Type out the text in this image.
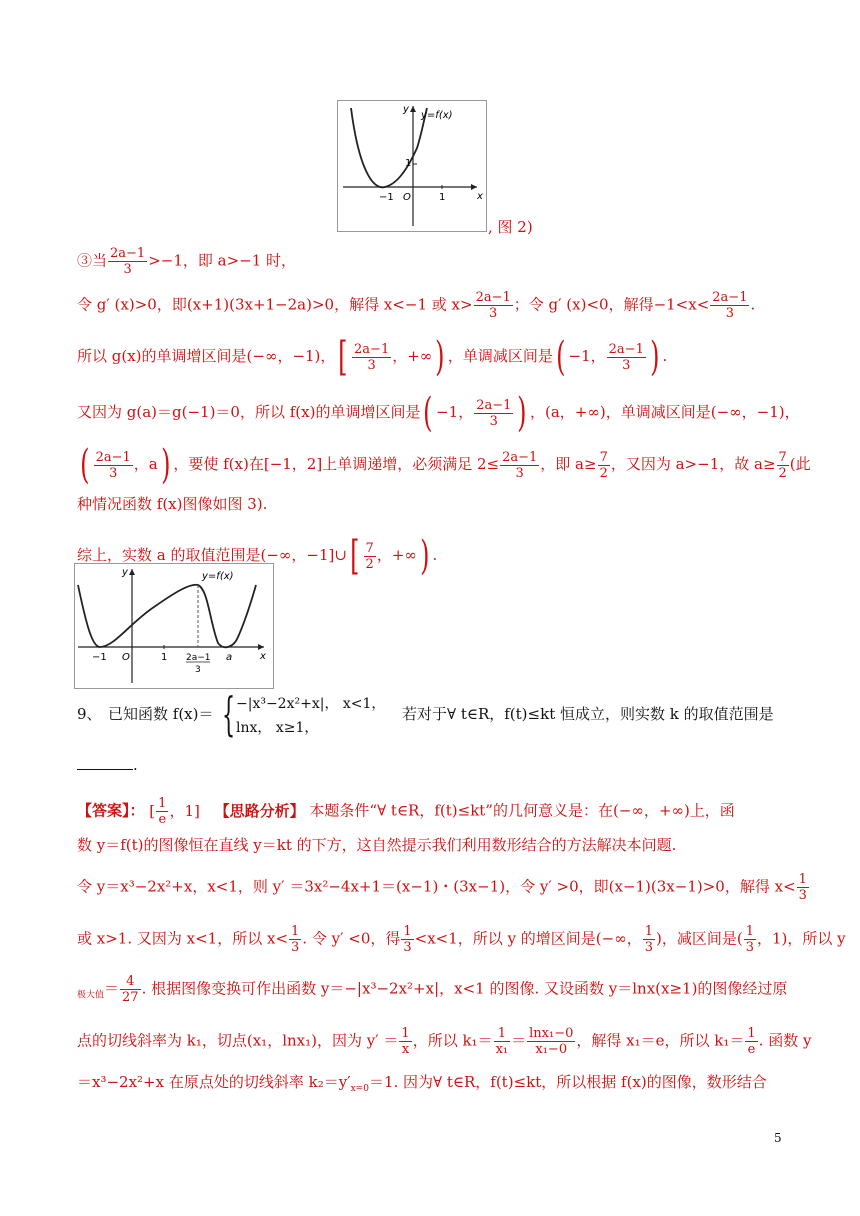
−1 O	1
1
x
y
y=f(x)
, 图 2)
③当 $\frac{2a-1}{3} >-1$，即 a>−1 时，
令 g′ (x)>0，即(x+1)(3x+1−2a)>0，解得 x<−1 或 $x> \frac{2a-1}{3}$ ；令 g′ (x)<0，解得$-1<x< \frac{2a-1}{3}$ .
所以 g(x)的单调增区间是(−∞，−1)，[ $\frac{2a-1}{3}$ ，+∞) ，单调减区间是( −1， $\frac{2a-1}{3}$ ) .
又因为 g(a)＝g(−1)＝0，所以 f(x)的单调增区间是( −1， $\frac{2a-1}{3}$ ) ，(a，+∞)，单调减区间是(−∞，−1)，
( $\frac{2a-1}{3}$ ，a) ，要使 f(x)在[−1，2]上单调递增，必须满足 $2\le \frac{2a-1}{3}$ ，即 $a\ge \frac{7}{2}$ ，又因为 a>−1，故 $a\ge \frac{7}{2}$ (此
种情况函数 f(x)图像如图 3).
综上，实数 a 的取值范围是(−∞，−1]∪[ $\frac{7}{2}$ ，+∞) .
−1 O	1 2a−1
3
a	x
y	y=f(x)
9、 已知函数 f(x)＝ { −|x³−2x²+x|， x<1，
lnx， x≥1，
若对于∀ t∈R，f(t)≤kt 恒成立，则实数 k 的取值范围是
.
【答案】： [ $\frac{1}{e}$ ，1] 【思路分析】 本题条件“∀ t∈R，f(t)≤kt”的几何意义是：在(−∞，+∞)上，函
数 y＝f(t)的图像恒在直线 y＝kt 的下方，这自然提示我们利用数形结合的方法解决本问题.
令 y＝x³−2x²+x，x<1，则 y′ ＝3x²−4x+1＝(x−1)・(3x−1)，令 y′ >0，即(x−1)(3x−1)>0，解得 $x< \frac{1}{3}$
或 x>1. 又因为 x<1，所以 $x< \frac{1}{3}$ . 令 y′ <0，得 $\frac{1}{3} <x<1$，所以 y 的增区间是(−∞， $\frac{1}{3}$ )，减区间是( $\frac{1}{3}$ ，1)，所以 y
$_{极大值}= \frac{4}{27}$ . 根据图像变换可作出函数 y＝−|x³−2x²+x|，x<1 的图像. 又设函数 y＝lnx(x≥1)的图像经过原
点的切线斜率为 k₁，切点(x₁，lnx₁)，因为 $y' = \frac{1}{x}$ ，所以 $k_1= \frac{1}{\text{x₁}} = \frac{\text{lnx₁−0}}{\text{x₁−0}}$ ，解得 x₁＝e，所以 $k_1= \frac{1}{e}$ . 函数 y
＝x³−2x²+x 在原点处的切线斜率 $k_2=y'_{x=0}=1$. 因为∀ t∈R，f(t)≤kt，所以根据 f(x)的图像，数形结合
5
